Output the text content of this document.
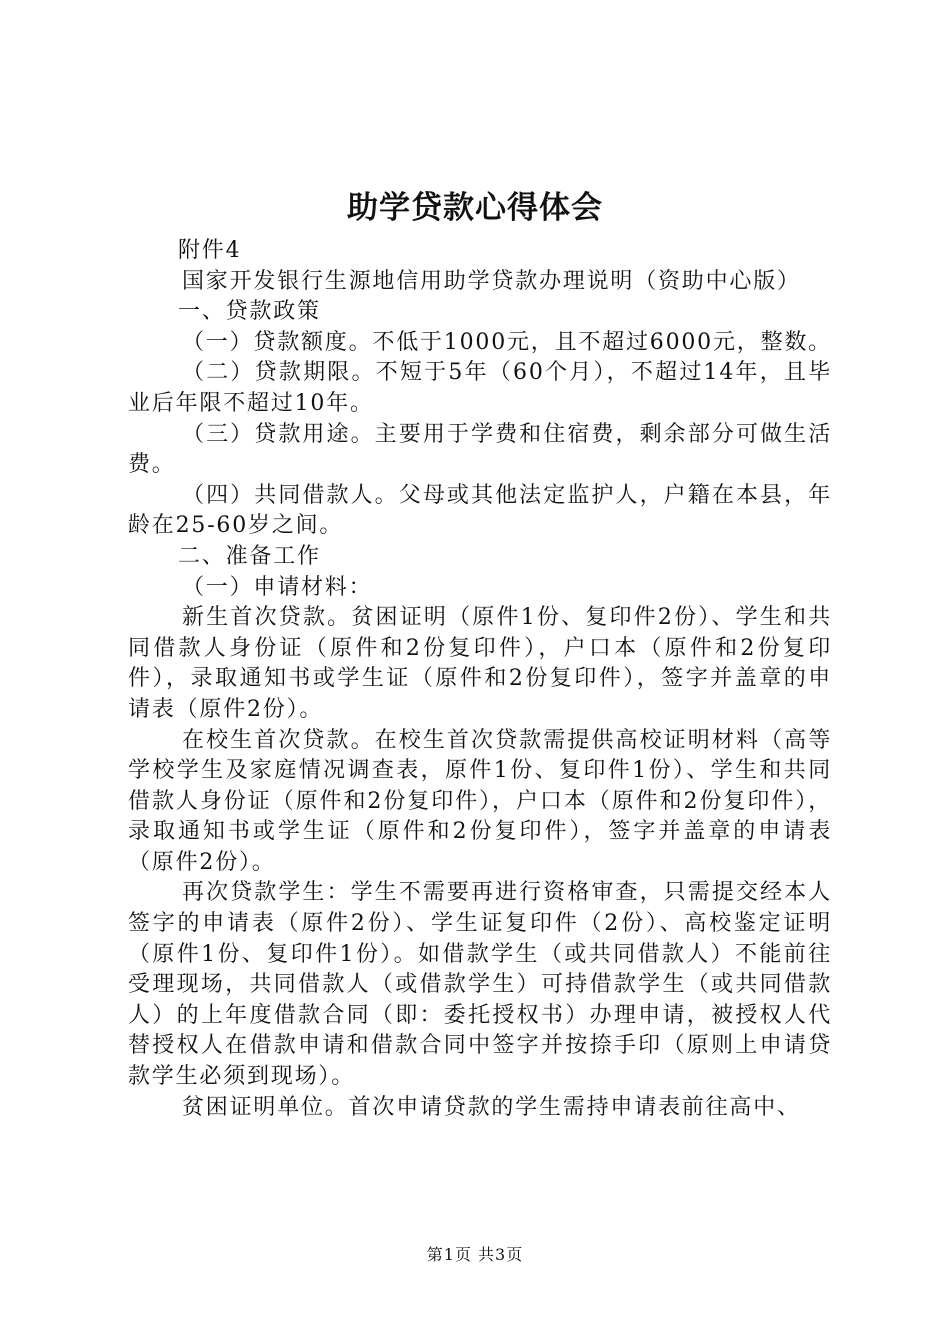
助学贷款心得体会

附件4

国家开发银行生源地信用助学贷款办理说明（资助中心版）

一、贷款政策

（一）贷款额度。不低于1000元，且不超过6000元，整数。

（二）贷款期限。不短于5年（60个月），不超过14年，且毕业后年限不超过10年。

（三）贷款用途。主要用于学费和住宿费，剩余部分可做生活费。

（四）共同借款人。父母或其他法定监护人，户籍在本县，年龄在25-60岁之间。

二、准备工作

（一）申请材料：

新生首次贷款。贫困证明（原件1份、复印件2份）、学生和共同借款人身份证（原件和2份复印件），户口本（原件和2份复印件），录取通知书或学生证（原件和2份复印件），签字并盖章的申请表（原件2份）。

在校生首次贷款。在校生首次贷款需提供高校证明材料（高等学校学生及家庭情况调查表，原件1份、复印件1份）、学生和共同借款人身份证（原件和2份复印件），户口本（原件和2份复印件），录取通知书或学生证（原件和2份复印件），签字并盖章的申请表（原件2份）。

再次贷款学生：学生不需要再进行资格审查，只需提交经本人签字的申请表（原件2份）、学生证复印件（2份）、高校鉴定证明（原件1份、复印件1份）。如借款学生（或共同借款人）不能前往受理现场，共同借款人（或借款学生）可持借款学生（或共同借款人）的上年度借款合同（即：委托授权书）办理申请，被授权人代替授权人在借款申请和借款合同中签字并按捺手印（原则上申请贷款学生必须到现场）。

贫困证明单位。首次申请贷款的学生需持申请表前往高中、

第1页 共3页
